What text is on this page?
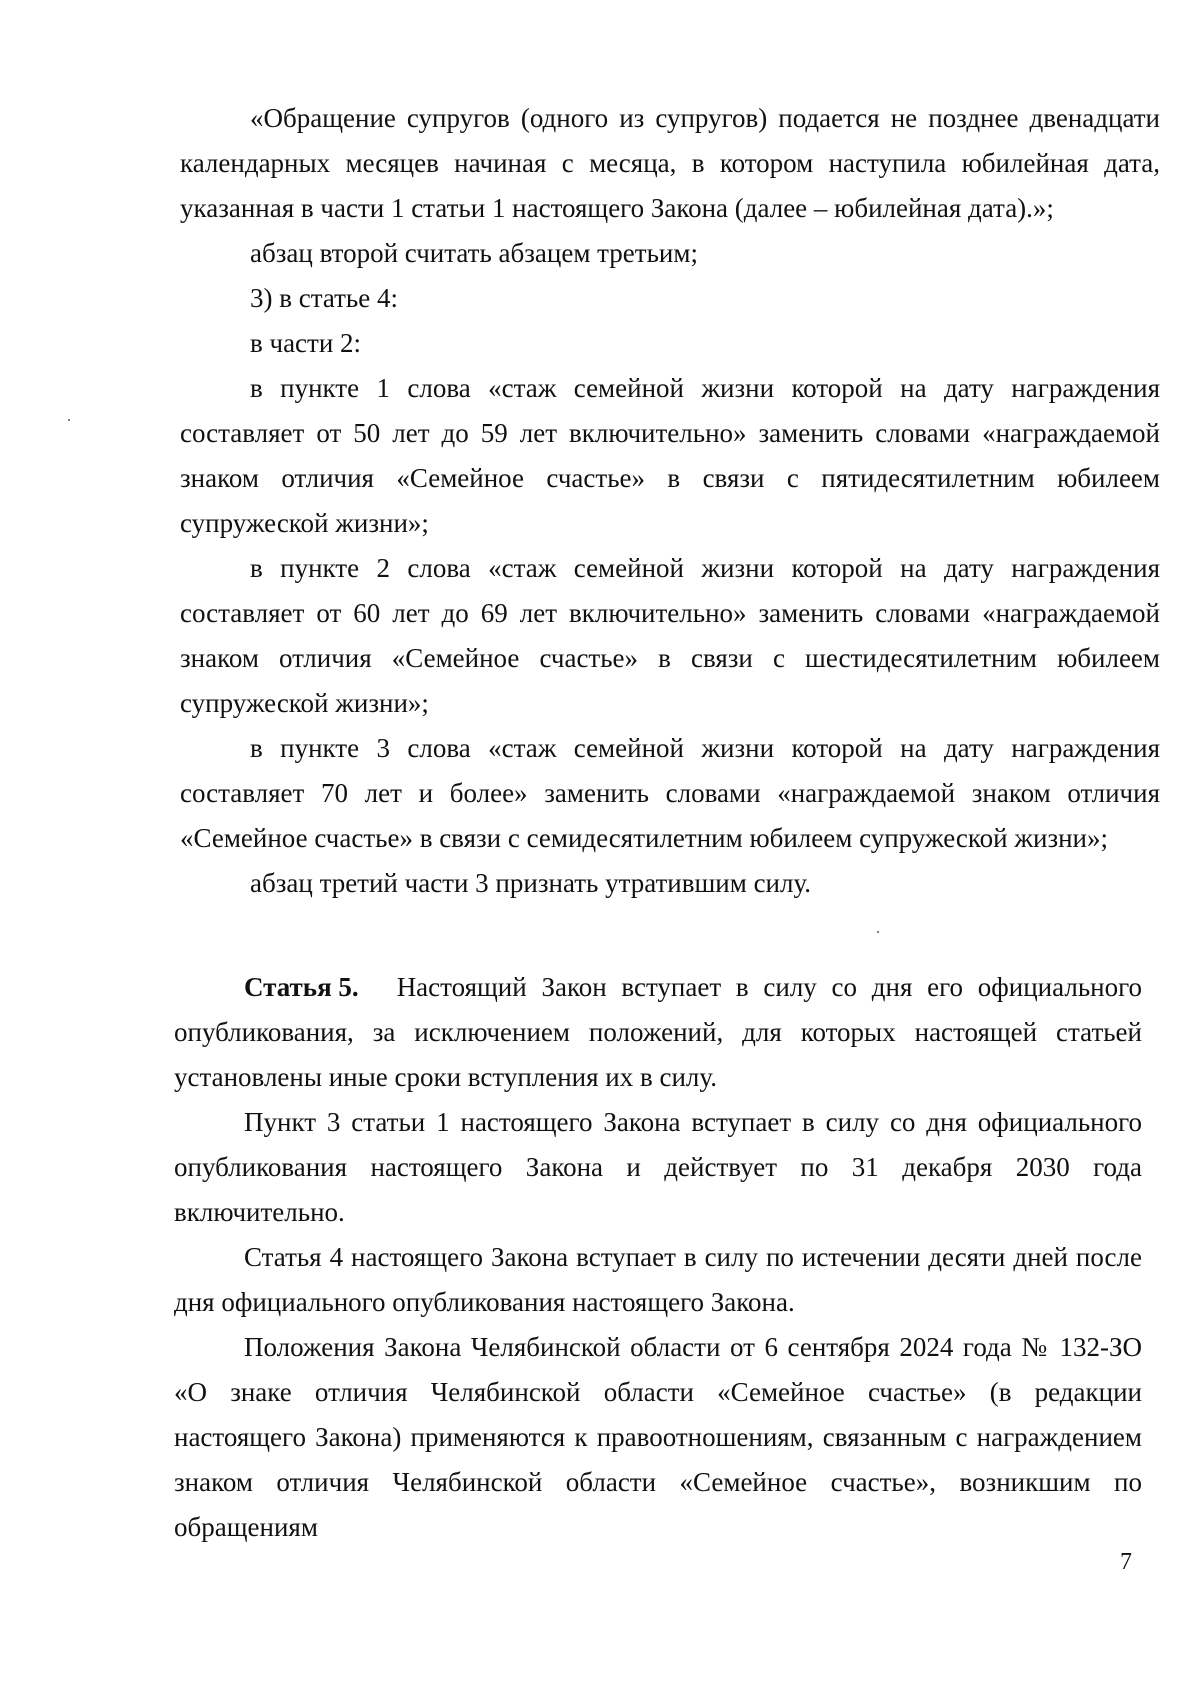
«Обращение супругов (одного из супругов) подается не позднее двенадцати календарных месяцев начиная с месяца, в котором наступила юбилейная дата, указанная в части 1 статьи 1 настоящего Закона (далее – юбилейная дата).»;

абзац второй считать абзацем третьим;

3) в статье 4:

в части 2:

в пункте 1 слова «стаж семейной жизни которой на дату награждения составляет от 50 лет до 59 лет включительно» заменить словами «награждаемой знаком отличия «Семейное счастье» в связи с пятидесятилетним юбилеем супружеской жизни»;

в пункте 2 слова «стаж семейной жизни которой на дату награждения составляет от 60 лет до 69 лет включительно» заменить словами «награждаемой знаком отличия «Семейное счастье» в связи с шестидесятилетним юбилеем супружеской жизни»;

в пункте 3 слова «стаж семейной жизни которой на дату награждения составляет 70 лет и более» заменить словами «награждаемой знаком отличия «Семейное счастье» в связи с семидесятилетним юбилеем супружеской жизни»;

абзац третий части 3 признать утратившим силу.

Статья 5. Настоящий Закон вступает в силу со дня его официального опубликования, за исключением положений, для которых настоящей статьей установлены иные сроки вступления их в силу.

Пункт 3 статьи 1 настоящего Закона вступает в силу со дня официального опубликования настоящего Закона и действует по 31 декабря 2030 года включительно.

Статья 4 настоящего Закона вступает в силу по истечении десяти дней после дня официального опубликования настоящего Закона.

Положения Закона Челябинской области от 6 сентября 2024 года № 132-ЗО «О знаке отличия Челябинской области «Семейное счастье» (в редакции настоящего Закона) применяются к правоотношениям, связанным с награждением знаком отличия Челябинской области «Семейное счастье», возникшим по обращениям

7
